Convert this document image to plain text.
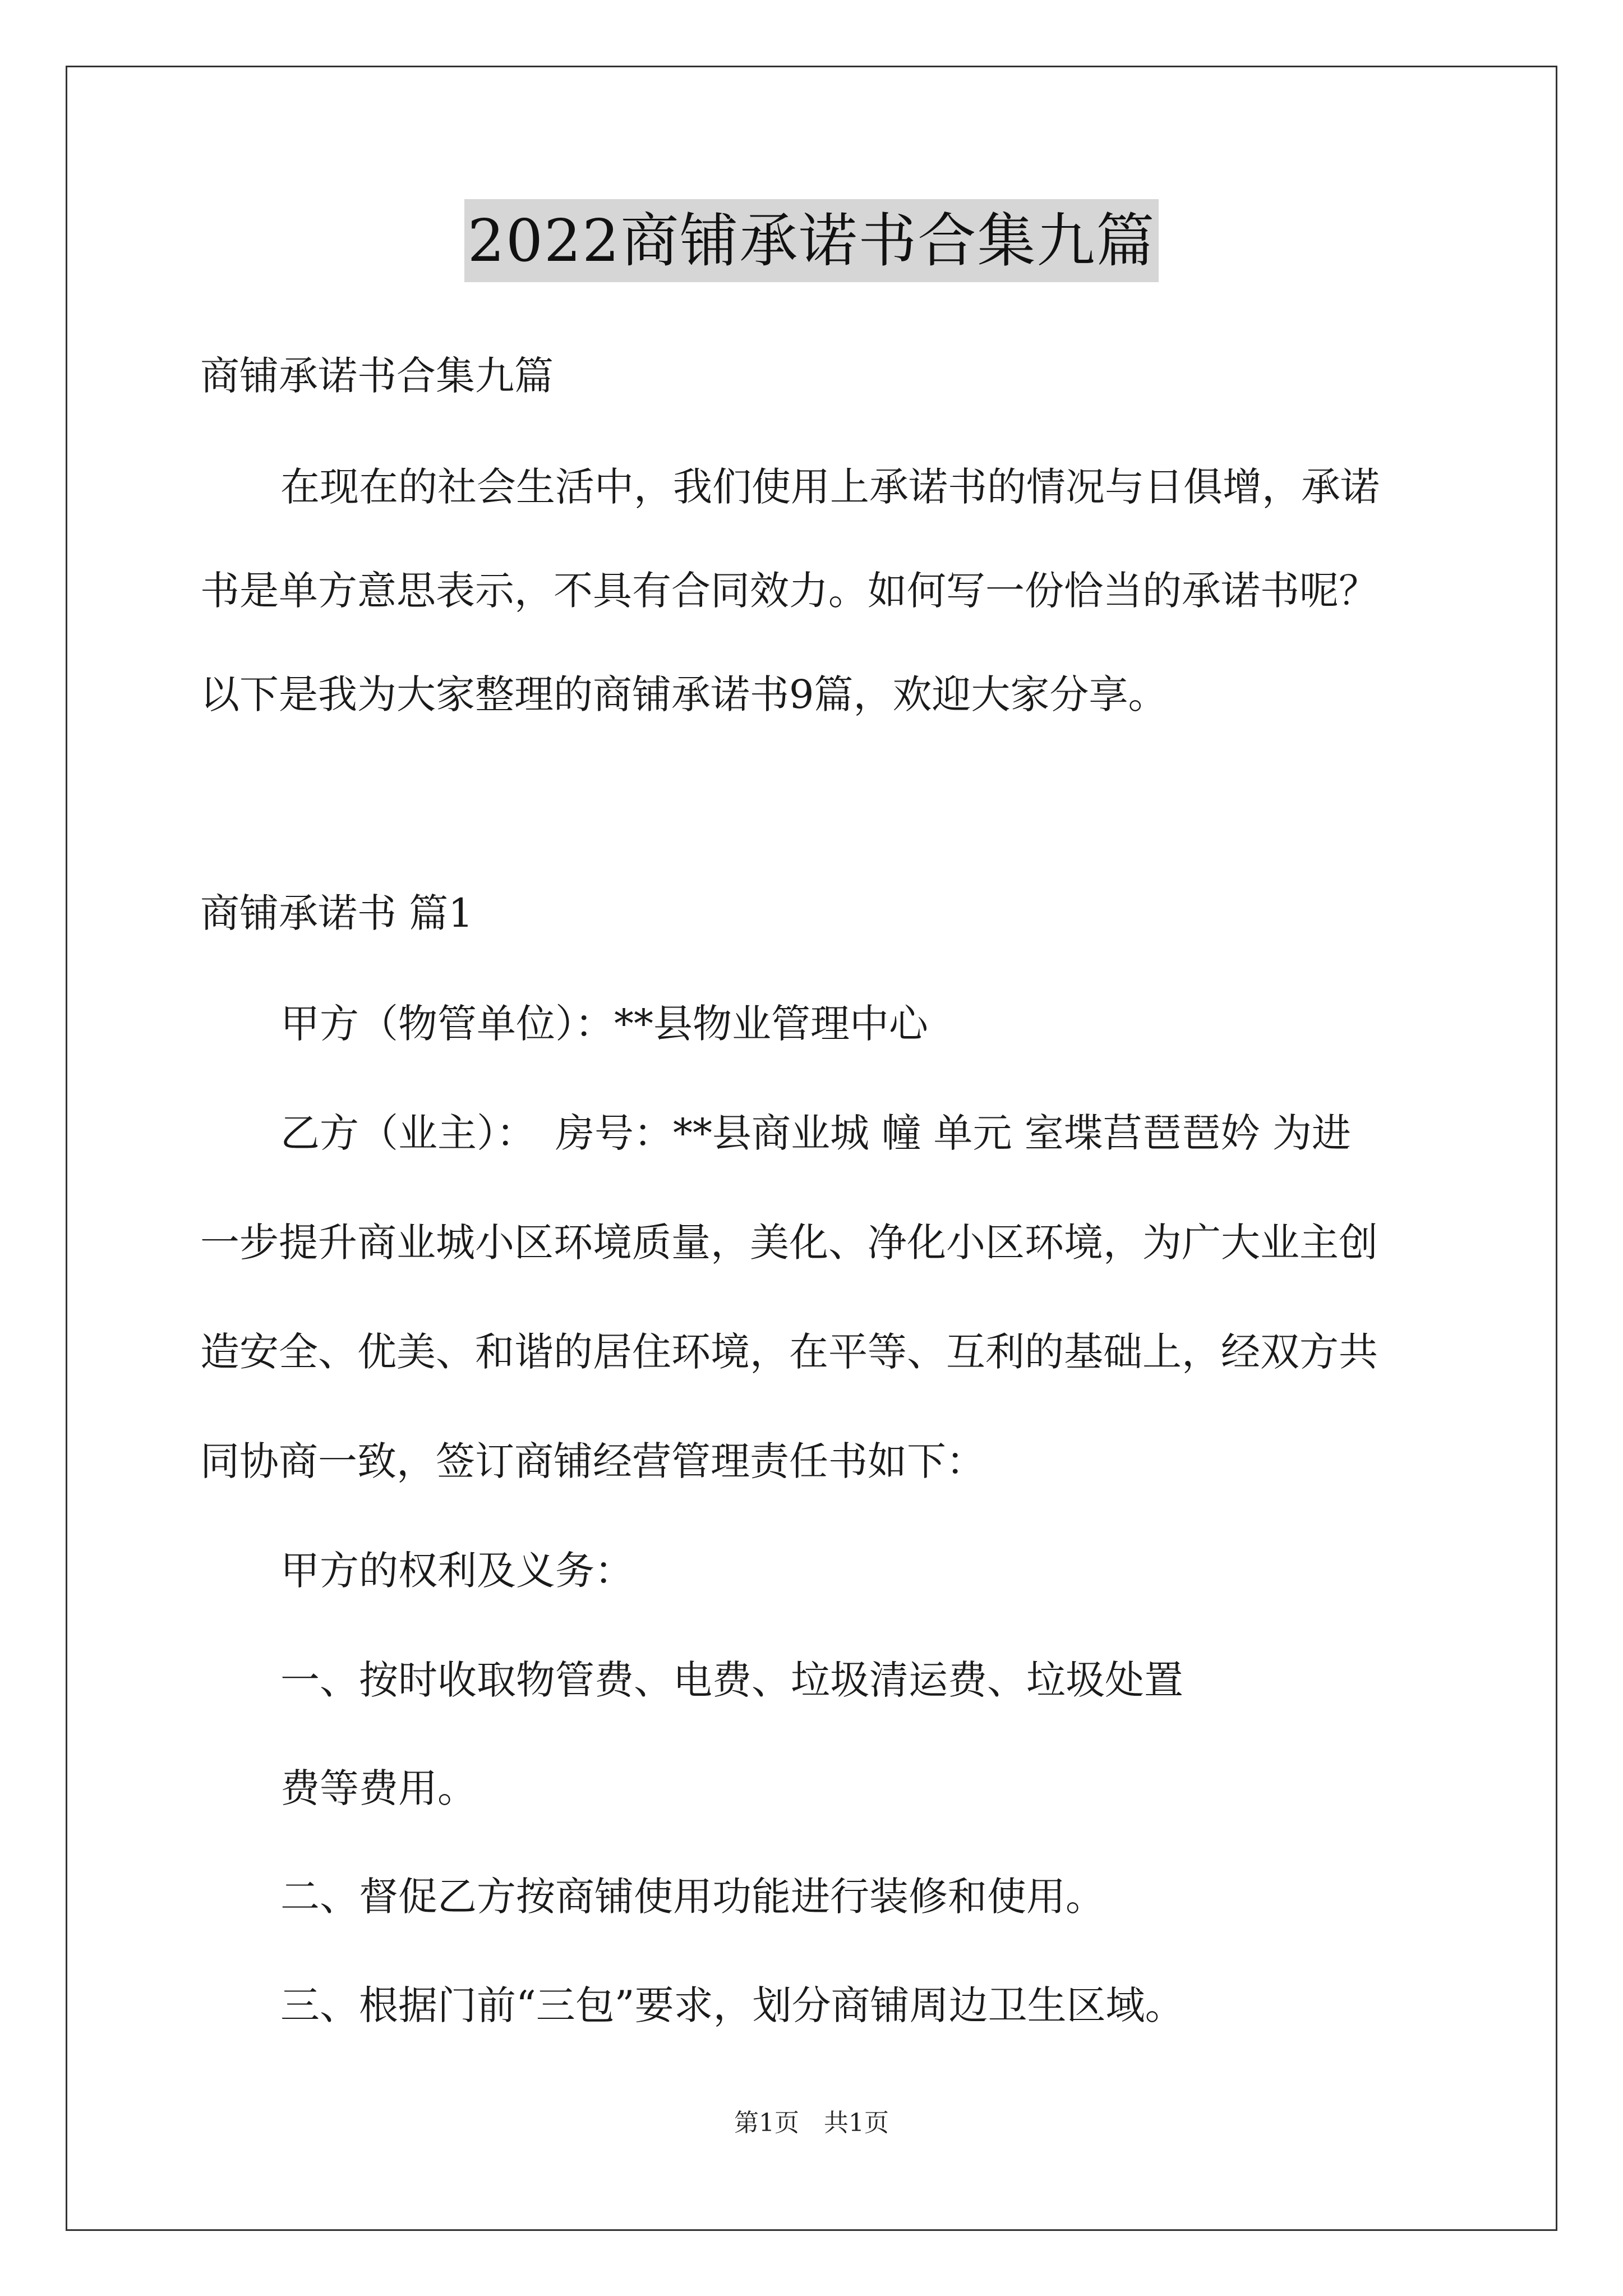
2022商铺承诺书合集九篇
商铺承诺书合集九篇
在现在的社会生活中，我们使用上承诺书的情况与日俱增，承诺
书是单方意思表示，不具有合同效力。如何写一份恰当的承诺书呢？
以下是我为大家整理的商铺承诺书9篇，欢迎大家分享。
商铺承诺书 篇1
甲方（物管单位）：**县物业管理中心
乙方（业主）：　房号：**县商业城 幢 单元 室堞莒琶琶妗 为进
一步提升商业城小区环境质量，美化、净化小区环境，为广大业主创
造安全、优美、和谐的居住环境，在平等、互利的基础上，经双方共
同协商一致，签订商铺经营管理责任书如下：
甲方的权利及义务：
一、按时收取物管费、电费、垃圾清运费、垃圾处置
费等费用。
二、督促乙方按商铺使用功能进行装修和使用。
三、根据门前“三包”要求，划分商铺周边卫生区域。
第1页　共1页
